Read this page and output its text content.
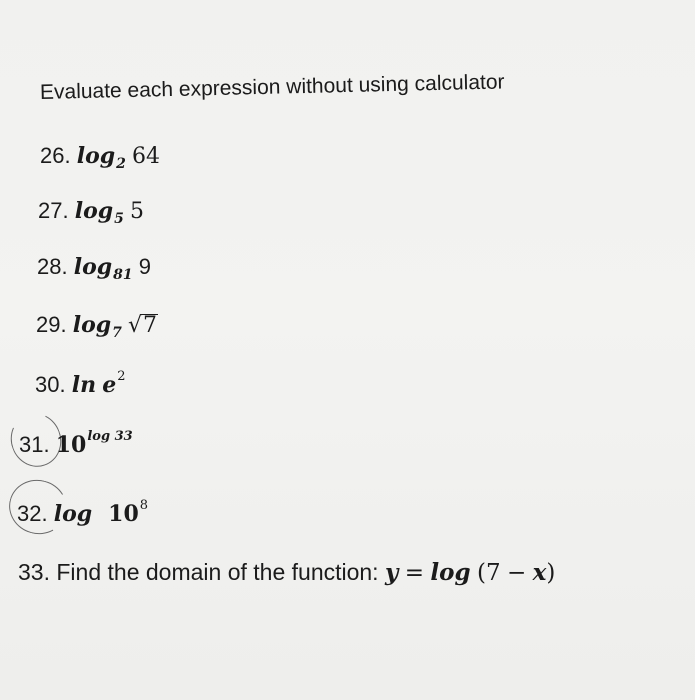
Evaluate each expression without using calculator
26. $\log_2 64$
27. $\log_5 5$
28. $\log_{81} 9$
29. $\log_7 √7$
30. $\ln e^2$
31. $10^{log 33}$
32. $\log 10^8$
33. Find the domain of the function: y = log (7 − x)
